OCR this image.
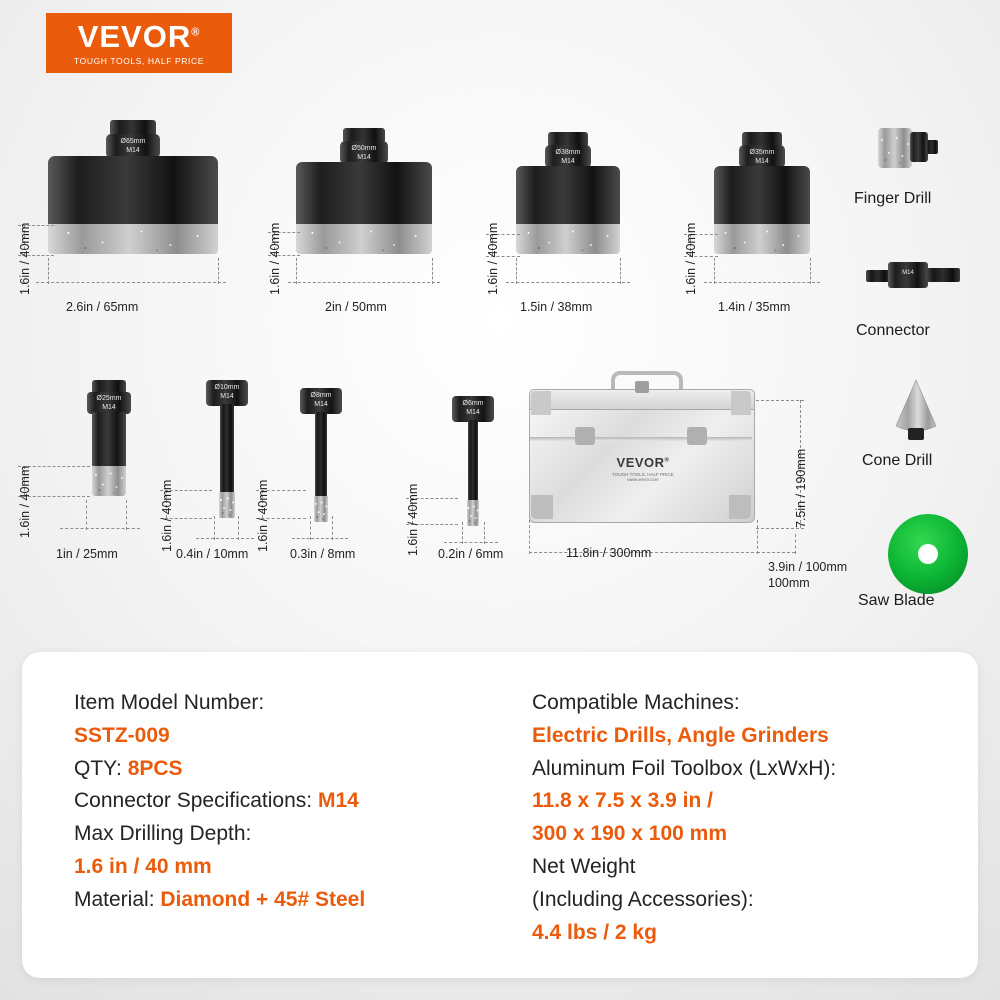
VEVOR®
TOUGH TOOLS, HALF PRICE
Ø65mm
M14	Ø50mm
M14
Ø38mm
M14
Ø35mm
M14
1.6in / 40mm
2.6in / 65mm
1.6in / 40mm
2in / 50mm
1.6in / 40mm
1.5in / 38mm
1.6in / 40mm
1.4in / 35mm
Ø25mm
M14
Ø10mm
M14	Ø8mm
M14	Ø6mm
M14
1.6in / 40mm
1in / 25mm
1.6in / 40mm
0.4in / 10mm
1.6in / 40mm
0.3in / 8mm	1.6in / 40mm 0.2in / 6mm
VEVOR®
TOUGH TOOLS, HALF PRICE
www.vevor.com
11.8in / 300mm
7.5in / 190mm
3.9in / 100mm
100mm
Finger Drill
M14
Connector
Cone Drill
Saw Blade
Item Model Number:
SSTZ-009
QTY: 8PCS
Connector Specifications: M14
Max Drilling Depth:
1.6 in / 40 mm
Material: Diamond + 45# Steel
Compatible Machines:
Electric Drills, Angle Grinders
Aluminum Foil Toolbox (LxWxH):
11.8 x 7.5 x 3.9 in /
300 x 190 x 100 mm
Net Weight
(Including Accessories):
4.4 lbs / 2 kg
